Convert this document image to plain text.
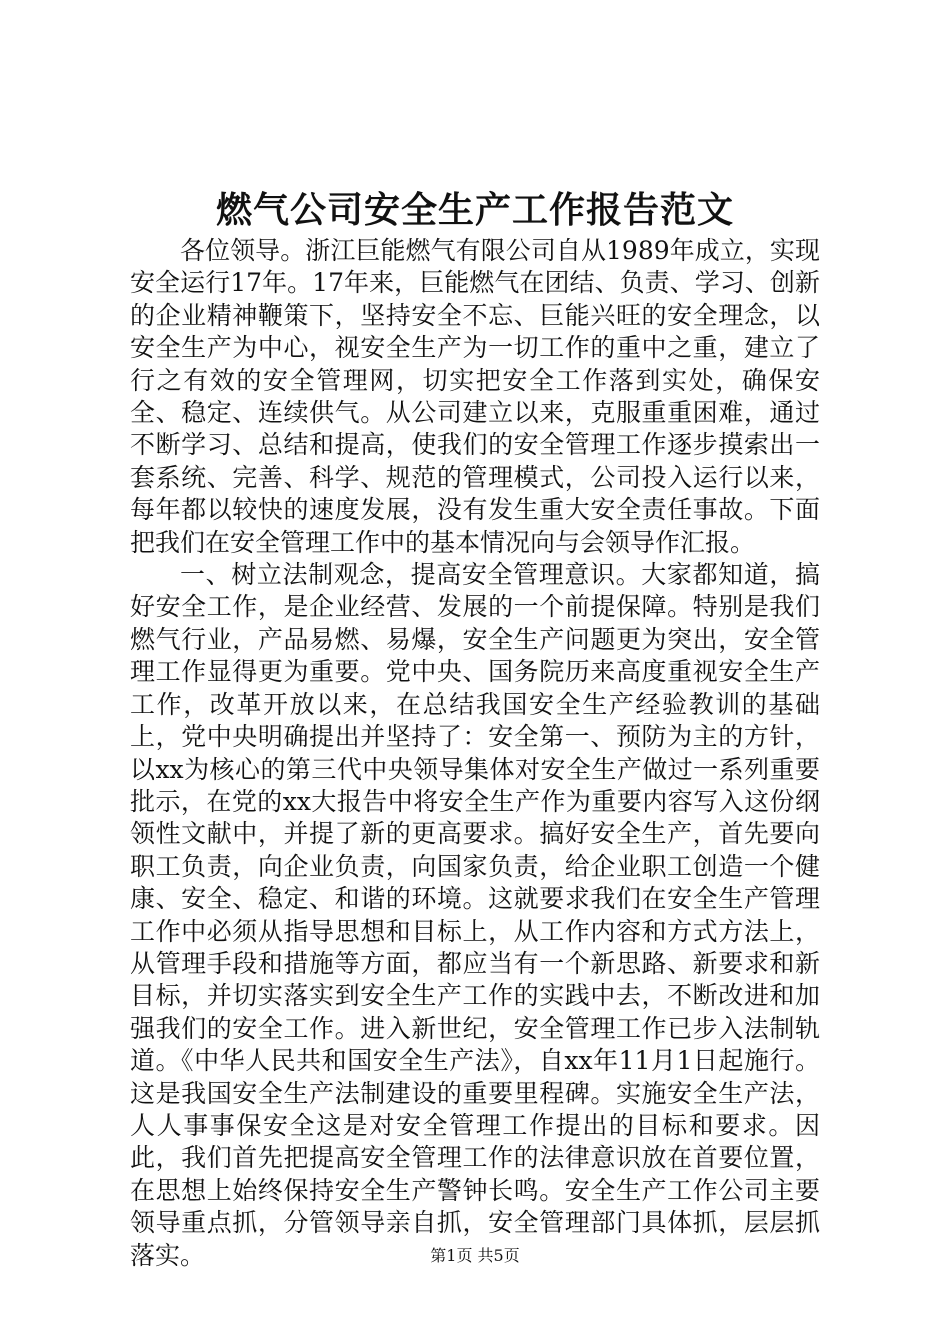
燃气公司安全生产工作报告范文

各位领导。浙江巨能燃气有限公司自从1989年成立，实现安全运行17年。17年来，巨能燃气在团结、负责、学习、创新的企业精神鞭策下，坚持安全不忘、巨能兴旺的安全理念，以安全生产为中心，视安全生产为一切工作的重中之重，建立了行之有效的安全管理网，切实把安全工作落到实处，确保安全、稳定、连续供气。从公司建立以来，克服重重困难，通过不断学习、总结和提高，使我们的安全管理工作逐步摸索出一套系统、完善、科学、规范的管理模式，公司投入运行以来，每年都以较快的速度发展，没有发生重大安全责任事故。下面把我们在安全管理工作中的基本情况向与会领导作汇报。

一、树立法制观念，提高安全管理意识。大家都知道，搞好安全工作，是企业经营、发展的一个前提保障。特别是我们燃气行业，产品易燃、易爆，安全生产问题更为突出，安全管理工作显得更为重要。党中央、国务院历来高度重视安全生产工作，改革开放以来，在总结我国安全生产经验教训的基础上，党中央明确提出并坚持了：安全第一、预防为主的方针，以xx为核心的第三代中央领导集体对安全生产做过一系列重要批示，在党的xx大报告中将安全生产作为重要内容写入这份纲领性文献中，并提了新的更高要求。搞好安全生产，首先要向职工负责，向企业负责，向国家负责，给企业职工创造一个健康、安全、稳定、和谐的环境。这就要求我们在安全生产管理工作中必须从指导思想和目标上，从工作内容和方式方法上，从管理手段和措施等方面，都应当有一个新思路、新要求和新目标，并切实落实到安全生产工作的实践中去，不断改进和加强我们的安全工作。进入新世纪，安全管理工作已步入法制轨道。《中华人民共和国安全生产法》，自xx年11月1日起施行。这是我国安全生产法制建设的重要里程碑。实施安全生产法，人人事事保安全这是对安全管理工作提出的目标和要求。因此，我们首先把提高安全管理工作的法律意识放在首要位置，在思想上始终保持安全生产警钟长鸣。安全生产工作公司主要领导重点抓，分管领导亲自抓，安全管理部门具体抓，层层抓落实。	第1页 共5页
